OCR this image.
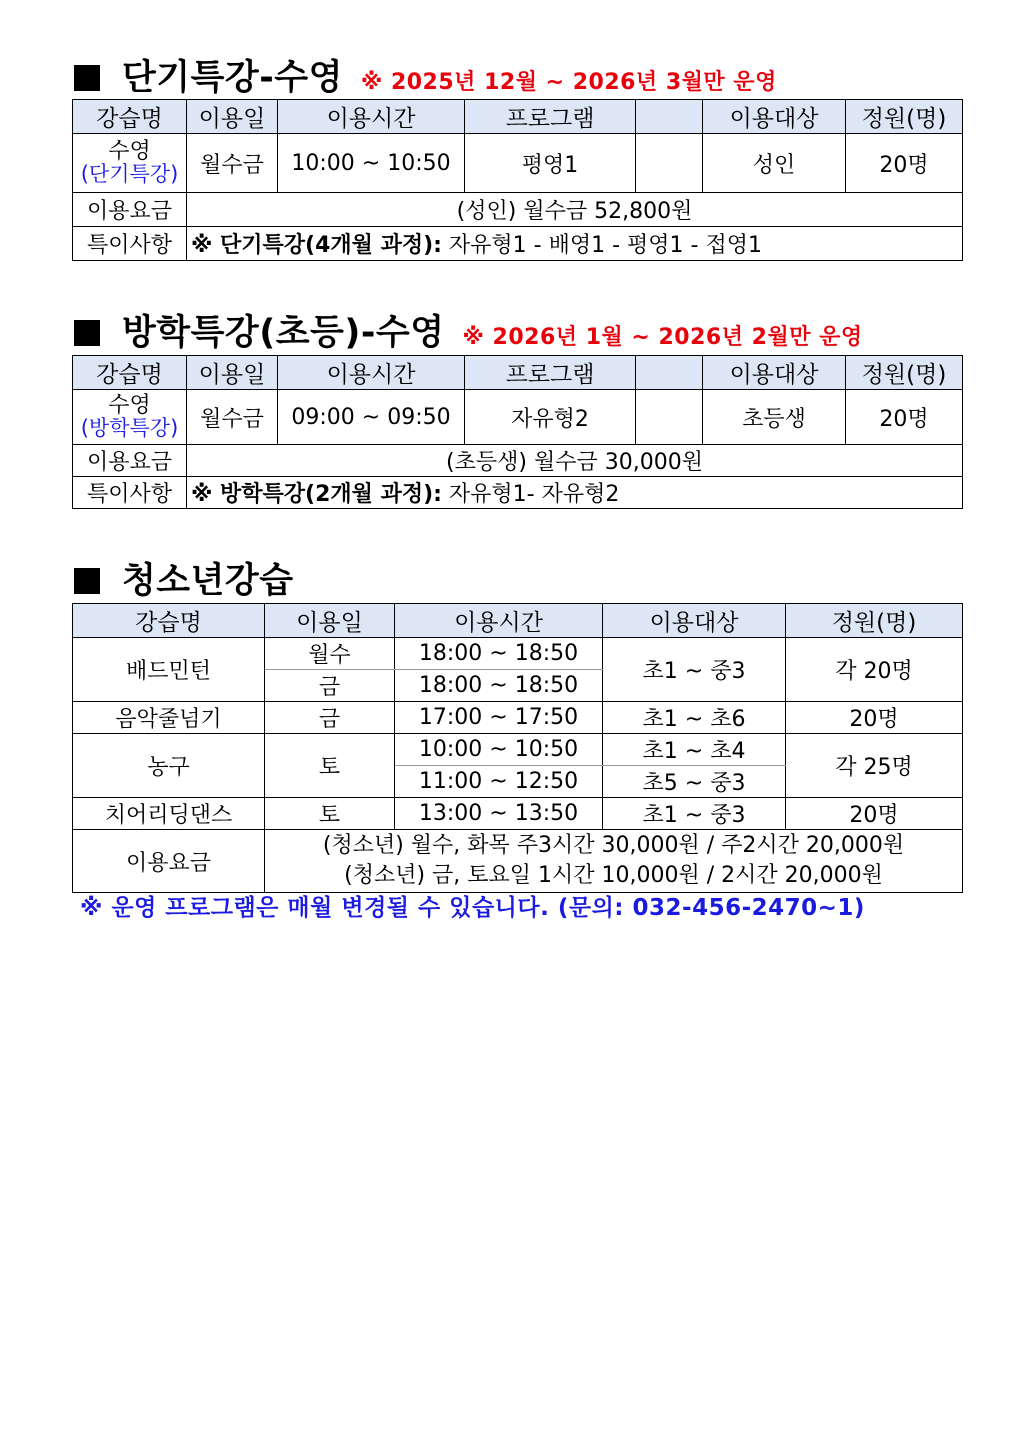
단기특강-수영 ※ 2025년 12월 ~ 2026년 3월만 운영
강습명	이용일	이용시간	프로그램		이용대상	정원(명)

수영
(단기특강)	월수금	10:00 ~ 10:50	평영1		성인	20명
이용요금	(성인) 월수금 52,800원					
특이사항	※ 단기특강(4개월 과정): 자유형1 - 배영1 - 평영1 - 접영1					
방학특강(초등)-수영 ※ 2026년 1월 ~ 2026년 2월만 운영
강습명	이용일	이용시간	프로그램		이용대상	정원(명)

수영
(방학특강)	월수금	09:00 ~ 09:50	자유형2		초등생	20명
이용요금	(초등생) 월수금 30,000원					
특이사항	※ 방학특강(2개월 과정): 자유형1- 자유형2					
청소년강습
강습명	이용일	이용시간	이용대상	정원(명)
배드민턴	월수	18:00 ~ 18:50	초1 ~ 중3	각 20명
	금	18:00 ~ 18:50		
음악줄넘기	금	17:00 ~ 17:50	초1 ~ 초6	20명
농구	토	10:00 ~ 10:50	초1 ~ 초4	각 25명
		11:00 ~ 12:50	초5 ~ 중3	
치어리딩댄스	토	13:00 ~ 13:50	초1 ~ 중3	20명
이용요금	(청소년) 월수, 화목 주3시간 30,000원 / 주2시간 20,000원
(청소년) 금, 토요일 1시간 10,000원 / 2시간 20,000원			
※ 운영 프로그램은 매월 변경될 수 있습니다. (문의: 032-456-2470~1)
